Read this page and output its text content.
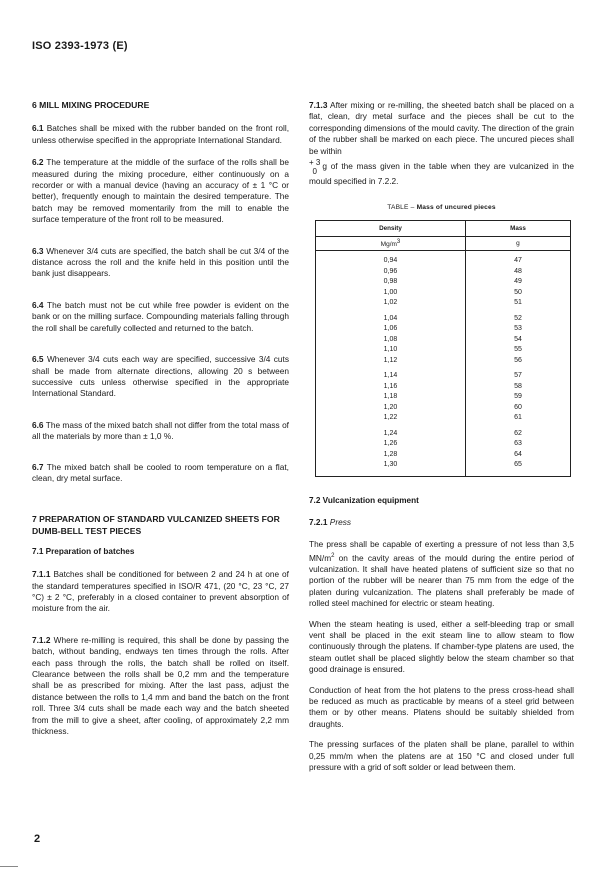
ISO 2393-1973 (E)
6 MILL MIXING PROCEDURE

6.1 Batches shall be mixed with the rubber banded on the front roll, unless otherwise specified in the appropriate International Standard.

6.2 The temperature at the middle of the surface of the rolls shall be measured during the mixing procedure, either continuously on a recorder or with a manual device (having an accuracy of ± 1 °C or better), frequently enough to maintain the desired temperature. The batch may be removed momentarily from the mill to enable the surface temperature of the front roll to be measured.

6.3 Whenever 3/4 cuts are specified, the batch shall be cut 3/4 of the distance across the roll and the knife held in this position until the bank just disappears.

6.4 The batch must not be cut while free powder is evident on the bank or on the milling surface. Compounding materials falling through the roll shall be carefully collected and returned to the batch.

6.5 Whenever 3/4 cuts each way are specified, successive 3/4 cuts shall be made from alternate directions, allowing 20 s between successive cuts unless otherwise specified in the appropriate International Standard.

6.6 The mass of the mixed batch shall not differ from the total mass of all the materials by more than ± 1,0 %.

6.7 The mixed batch shall be cooled to room temperature on a flat, clean, dry metal surface.

7 PREPARATION OF STANDARD VULCANIZED SHEETS FOR DUMB-BELL TEST PIECES
7.1 Preparation of batches

7.1.1 Batches shall be conditioned for between 2 and 24 h at one of the standard temperatures specified in ISO/R 471, (20 °C, 23 °C, 27 °C) ± 2 °C, preferably in a closed container to prevent absorption of moisture from the air.

7.1.2 Where re-milling is required, this shall be done by passing the batch, without banding, endways ten times through the rolls. After each pass through the rolls, the batch shall be rolled on itself. Clearance between the rolls shall be 0,2 mm and the temperature shall be as prescribed for mixing. After the last pass, adjust the distance between the rolls to 1,4 mm and band the batch on the front roll. Three 3/4 cuts shall be made each way and the batch sheeted from the mill to give a sheet, after cooling, of approximately 2,2 mm thickness.

7.1.3 After mixing or re-milling, the sheeted batch shall be placed on a flat, clean, dry metal surface and the pieces shall be cut to the corresponding dimensions of the mould cavity. The direction of the grain of the rubber shall be marked on each piece. The uncured pieces shall be within

+ 3
0g of the mass given in the table when they are vulcanized in the mould specified in 7.2.2.

TABLE – Mass of uncured pieces
Density	Mass
Mg/m3	g

0,94	47
0,96	48
0,98	49
1,00	50
1,02	51

1,04	52
1,06	53
1,08	54
1,10	55
1,12	56

1,14	57
1,16	58
1,18	59
1,20	60
1,22	61

1,24	62
1,26	63
1,28	64
1,30	65

7.2 Vulcanization equipment

7.2.1 Press

The press shall be capable of exerting a pressure of not less than 3,5 $MN/m^2$ on the cavity areas of the mould during the entire period of vulcanization. It shall have heated platens of sufficient size so that no portion of the rubber will be nearer than 75 mm from the edge of the platen during vulcanization. The platens shall preferably be made of rolled steel machined for electric or steam heating.

When the steam heating is used, either a self-bleeding trap or small vent shall be placed in the exit steam line to allow steam to flow continuously through the platens. If chamber-type platens are used, the steam outlet shall be placed slightly below the steam chamber so that good drainage is ensured.

Conduction of heat from the hot platens to the press cross-head shall be reduced as much as practicable by means of a steel grid between them or by other means. Platens should be suitably shielded from draughts.

The pressing surfaces of the platen shall be plane, parallel to within 0,25 mm/m when the platens are at 150 °C and closed under full pressure with a grid of soft solder or lead between them.

2
